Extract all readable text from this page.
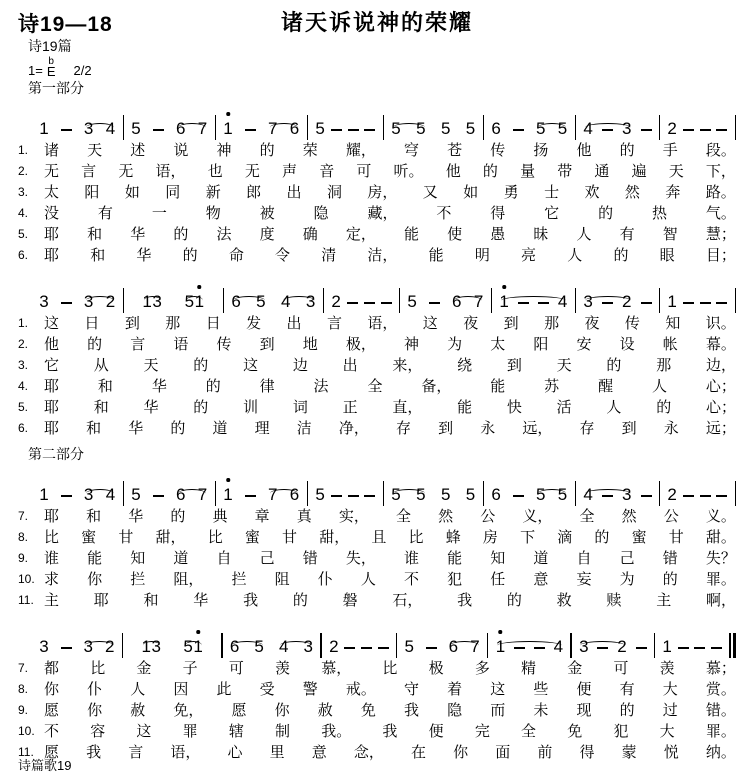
诗19—18	诸天诉说神的荣耀
诗19篇
1=
b
E 2/2
第一部分
1 3 4 5 6 7 1 7 6 5	5 5 5 5 6 5 5 4 3 2
1.	诸 天 述 说 神 的 荣 耀， 穹 苍 传 扬 他 的 手 段。
2.	无 言 无 语， 也 无 声 音 可 听。 他 的 量 带 通 遍 天 下，
3.	太 阳 如 同 新 郎 出 洞 房， 又 如 勇 士 欢 然 奔 路。
4.	没	有	一	物	被	隐	藏，	不	得	它	的	热	气。
5.	耶 和 华 的 法 度 确 定， 能 使 愚 昧 人 有 智 慧；
6.	耶 和 华 的 命 令 清 洁， 能 明 亮 人 的 眼 目；
3 3 2 1 3 5 1 6 5 4 3 2	5 6 7 1	4 3 2 1
1.	这 日 到 那 日 发 出 言 语， 这 夜 到 那 夜 传 知 识。
2.	他 的 言 语 传 到 地 极， 神 为 太 阳 安 设 帐 幕。
3.	它 从 天 的 这 边 出 来， 绕 到 天 的 那 边，
4.	耶	和	华	的	律	法	全	备，	能	苏	醒	人	心；
5.	耶 和 华 的 训 词 正 直， 能 快 活 人 的 心；
6.	耶 和 华 的 道 理 洁 净， 存 到 永 远， 存 到 永 远；
第二部分
1 3 4 5 6 7 1 7 6 5	5 5 5 5 6 5 5 4 3 2
7.	耶 和 华 的 典 章 真 实， 全 然 公 义， 全 然 公 义。
8.	比 蜜 甘 甜， 比 蜜 甘 甜， 且 比 蜂 房 下 滴 的 蜜 甘 甜。
9.	谁 能 知 道 自 己 错 失， 谁 能 知 道 自 己 错 失？
10. 求 你 拦 阻， 拦 阻 仆 人 不 犯 任 意 妄 为 的 罪。
11. 主 耶 和 华 我 的 磐 石， 我 的 救 赎 主 啊，
3 3 2 1 3 5 1 6 5 4 3 2	5 6 7 1	4 3 2 1
7.	都 比 金 子 可 羡 慕， 比 极 多 精 金 可 羡 慕；
8.	你 仆 人 因 此 受 警 戒。 守 着 这 些 便 有 大 赏。
9.	愿 你 赦 免， 愿 你 赦 免 我 隐 而 未 现 的 过 错。
10. 不 容 这 罪 辖 制 我。 我 便 完 全 免 犯 大 罪。
11. 愿 我 言 语， 心 里 意 念， 在 你 面 前 得 蒙 悦 纳。
诗篇歌19
